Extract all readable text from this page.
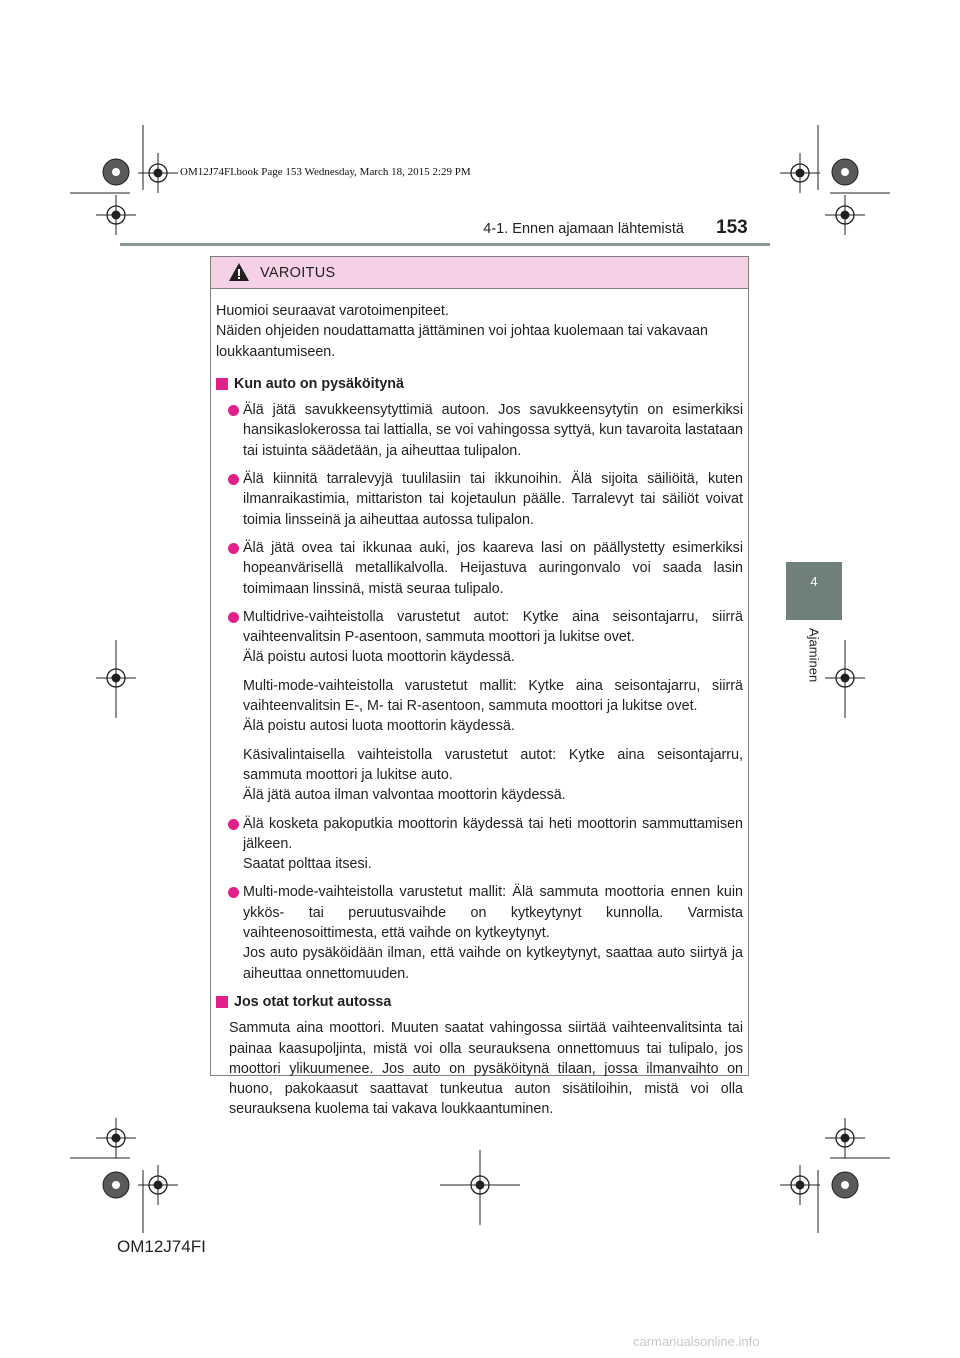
OM12J74FI.book Page 153 Wednesday, March 18, 2015 2:29 PM
4-1. Ennen ajamaan lähtemistä 153
4
Ajaminen
VAROITUS

Huomioi seuraavat varotoimenpiteet.

Näiden ohjeiden noudattamatta jättäminen voi johtaa kuolemaan tai vakavaan loukkaantumiseen.

Kun auto on pysäköitynä
Älä jätä savukkeensytyttimiä autoon. Jos savukkeensytytin on esimerkiksi hansikaslokerossa tai lattialla, se voi vahingossa syttyä, kun tavaroita lastataan tai istuinta säädetään, ja aiheuttaa tulipalon.
Älä kiinnitä tarralevyjä tuulilasiin tai ikkunoihin. Älä sijoita säiliöitä, kuten ilmanraikastimia, mittariston tai kojetaulun päälle. Tarralevyt tai säiliöt voivat toimia linsseinä ja aiheuttaa autossa tulipalon.
Älä jätä ovea tai ikkunaa auki, jos kaareva lasi on päällystetty esimerkiksi hopeanvärisellä metallikalvolla. Heijastuva auringonvalo voi saada lasin toimimaan linssinä, mistä seuraa tulipalo.

Multidrive-vaihteistolla varustetut autot: Kytke aina seisontajarru, siirrä vaihteenvalitsin P-asentoon, sammuta moottori ja lukitse ovet.

Älä poistu autosi luota moottorin käydessä.

Multi-mode-vaihteistolla varustetut mallit: Kytke aina seisontajarru, siirrä vaihteenvalitsin E-, M- tai R-asentoon, sammuta moottori ja lukitse ovet.

Älä poistu autosi luota moottorin käydessä.

Käsivalintaisella vaihteistolla varustetut autot: Kytke aina seisontajarru, sammuta moottori ja lukitse auto.

Älä jätä autoa ilman valvontaa moottorin käydessä.

Älä kosketa pakoputkia moottorin käydessä tai heti moottorin sammuttamisen jälkeen.

Saatat polttaa itsesi.

Multi-mode-vaihteistolla varustetut mallit: Älä sammuta moottoria ennen kuin ykkös- tai peruutusvaihde on kytkeytynyt kunnolla. Varmista vaihteenosoittimesta, että vaihde on kytkeytynyt.

Jos auto pysäköidään ilman, että vaihde on kytkeytynyt, saattaa auto siirtyä ja aiheuttaa onnettomuuden.

Jos otat torkut autossa

Sammuta aina moottori. Muuten saatat vahingossa siirtää vaihteenvalitsinta tai painaa kaasupoljinta, mistä voi olla seurauksena onnettomuus tai tulipalo, jos moottori ylikuumenee. Jos auto on pysäköitynä tilaan, jossa ilmanvaihto on huono, pakokaasut saattavat tunkeutua auton sisätiloihin, mistä voi olla seurauksena kuolema tai vakava loukkaantuminen.

OM12J74FI
carmanualsonline.info
